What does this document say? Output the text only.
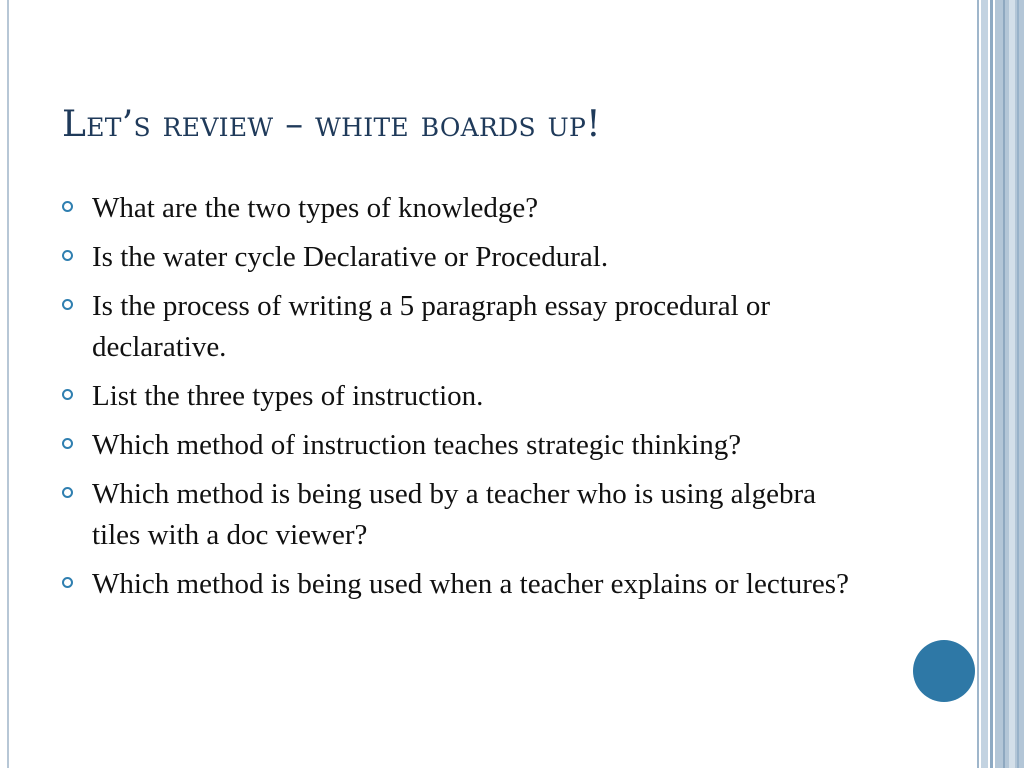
Let’s review – white boards up!
What are the two types of knowledge?
Is the water cycle Declarative or Procedural.
Is the process of writing a 5 paragraph essay procedural or declarative.
List the three types of instruction.
Which method of instruction teaches strategic thinking?
Which method is being used by a teacher who is using algebra tiles with a doc viewer?
Which method is being used when a teacher explains or lectures?
